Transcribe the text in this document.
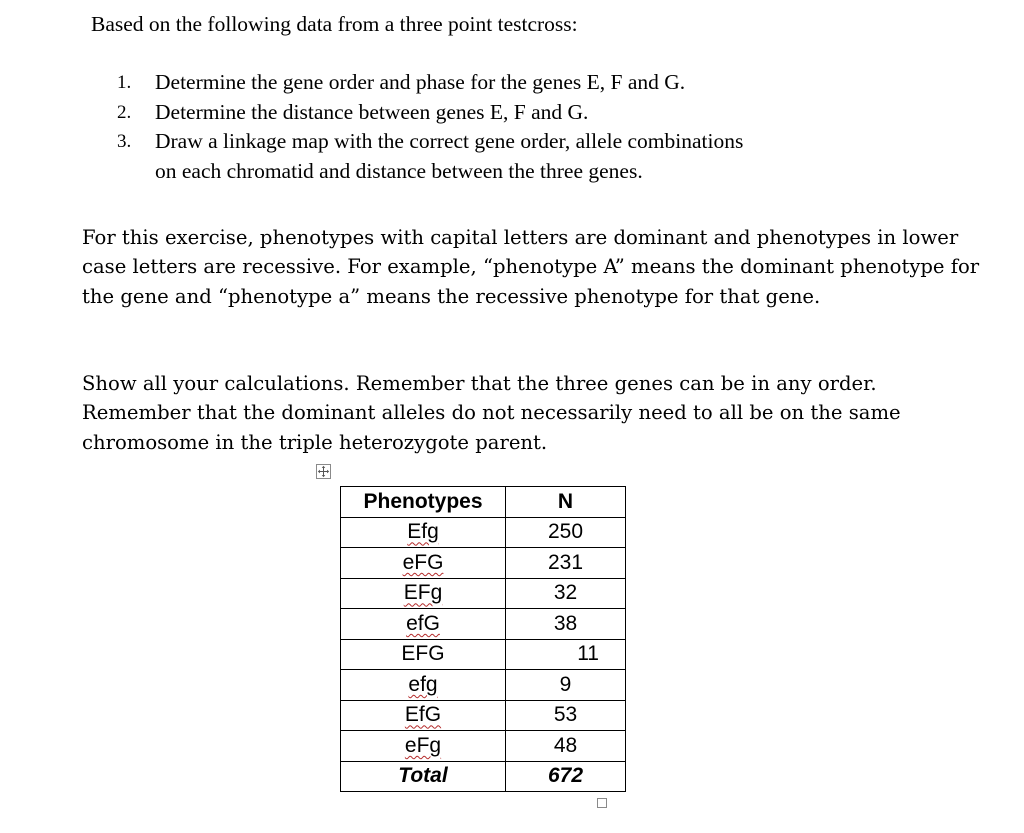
Based on the following data from a three point testcross:

1. Determine the gene order and phase for the genes E, F and G.
2. Determine the distance between genes E, F and G.
3. Draw a linkage map with the correct gene order, allele combinations
on each chromatid and distance between the three genes.

For this exercise, phenotypes with capital letters are dominant and phenotypes in lower case letters are recessive. For example, “phenotype A” means the dominant phenotype for the gene and “phenotype a” means the recessive phenotype for that gene.

Show all your calculations. Remember that the three genes can be in any order. Remember that the dominant alleles do not necessarily need to all be on the same chromosome in the triple heterozygote parent.

Phenotypes	N
Efg	250
eFG	231
EFg	32
efG	38
EFG	11
efg	9
EfG	53
eFg	48
Total	672
